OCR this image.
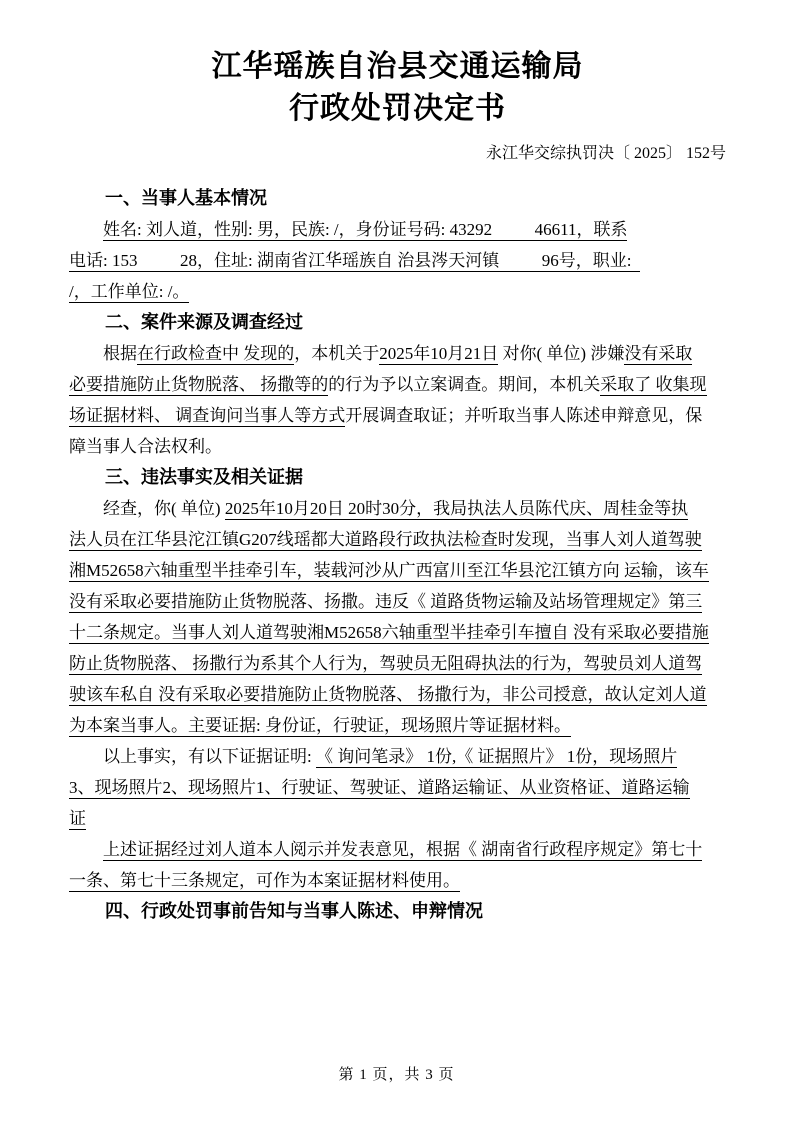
江华瑶族自治县交通运输局
行政处罚决定书
永江华交综执罚决〔 2025〕 152号
一、当事人基本情况
姓名: 刘人道，性别: 男，民族: /，身份证号码: 43292          46611，联系
电话: 153          28，住址: 湖南省江华瑶族自 治县涔天河镇          96号，职业:
/，工作单位: /。
二、案件来源及调查经过
根据在行政检查中 发现的，本机关于2025年10月21日 对你( 单位) 涉嫌没有采取
必要措施防止货物脱落、 扬撒等的的行为予以立案调查。期间，本机关采取了 收集现
场证据材料、 调查询问当事人等方式开展调查取证；并听取当事人陈述申辩意见，保
障当事人合法权利。
三、违法事实及相关证据
经查，你( 单位) 2025年10月20日 20时30分，我局执法人员陈代庆、周桂金等执
法人员在江华县沱江镇G207线瑶都大道路段行政执法检查时发现，当事人刘人道驾驶
湘M52658六轴重型半挂牵引车，装载河沙从广西富川至江华县沱江镇方向 运输，该车
没有采取必要措施防止货物脱落、扬撒。违反《 道路货物运输及站场管理规定》第三
十二条规定。当事人刘人道驾驶湘M52658六轴重型半挂牵引车擅自 没有采取必要措施
防止货物脱落、 扬撒行为系其个人行为，驾驶员无阻碍执法的行为，驾驶员刘人道驾
驶该车私自 没有采取必要措施防止货物脱落、 扬撒行为，非公司授意，故认定刘人道
为本案当事人。主要证据: 身份证，行驶证，现场照片等证据材料。
以上事实，有以下证据证明: 《 询问笔录》 1份,《 证据照片》 1份，现场照片
3、现场照片2、现场照片1、行驶证、驾驶证、道路运输证、从业资格证、道路运输
证
上述证据经过刘人道本人阅示并发表意见，根据《 湖南省行政程序规定》第七十
一条、第七十三条规定，可作为本案证据材料使用。
四、行政处罚事前告知与当事人陈述、申辩情况
第 1 页，共 3 页
